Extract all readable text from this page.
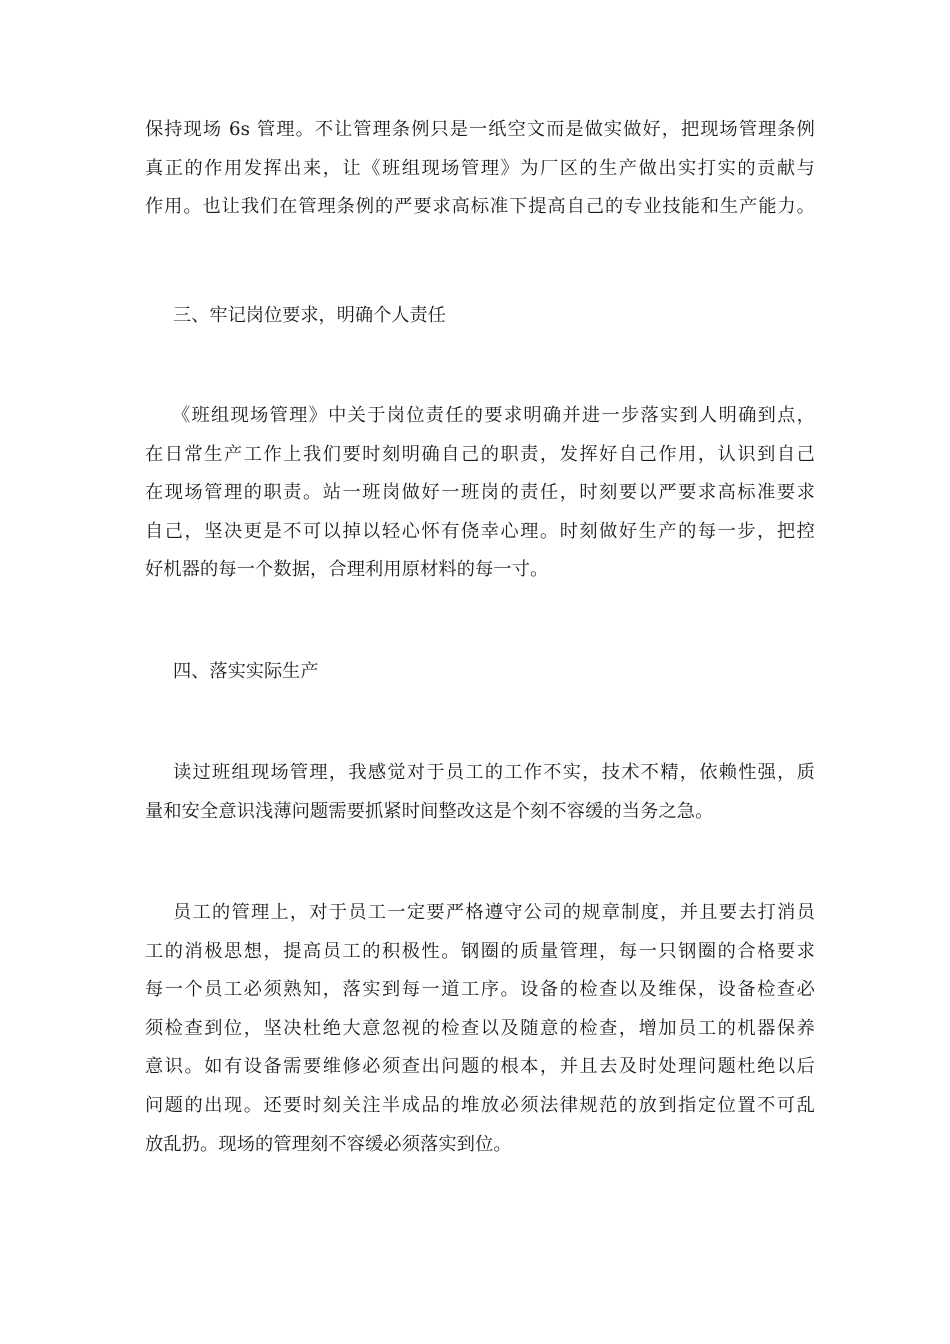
保持现场 6s 管理。不让管理条例只是一纸空文而是做实做好，把现场管理条例
真正的作用发挥出来，让《班组现场管理》为厂区的生产做出实打实的贡献与
作用。也让我们在管理条例的严要求高标准下提高自己的专业技能和生产能力。
三、牢记岗位要求，明确个人责任
《班组现场管理》中关于岗位责任的要求明确并进一步落实到人明确到点，
在日常生产工作上我们要时刻明确自己的职责，发挥好自己作用，认识到自己
在现场管理的职责。站一班岗做好一班岗的责任，时刻要以严要求高标准要求
自己，坚决更是不可以掉以轻心怀有侥幸心理。时刻做好生产的每一步，把控
好机器的每一个数据，合理利用原材料的每一寸。
四、落实实际生产
读过班组现场管理，我感觉对于员工的工作不实，技术不精，依赖性强，质
量和安全意识浅薄问题需要抓紧时间整改这是个刻不容缓的当务之急。
员工的管理上，对于员工一定要严格遵守公司的规章制度，并且要去打消员
工的消极思想，提高员工的积极性。钢圈的质量管理，每一只钢圈的合格要求
每一个员工必须熟知，落实到每一道工序。设备的检查以及维保，设备检查必
须检查到位，坚决杜绝大意忽视的检查以及随意的检查，增加员工的机器保养
意识。如有设备需要维修必须查出问题的根本，并且去及时处理问题杜绝以后
问题的出现。还要时刻关注半成品的堆放必须法律规范的放到指定位置不可乱
放乱扔。现场的管理刻不容缓必须落实到位。
